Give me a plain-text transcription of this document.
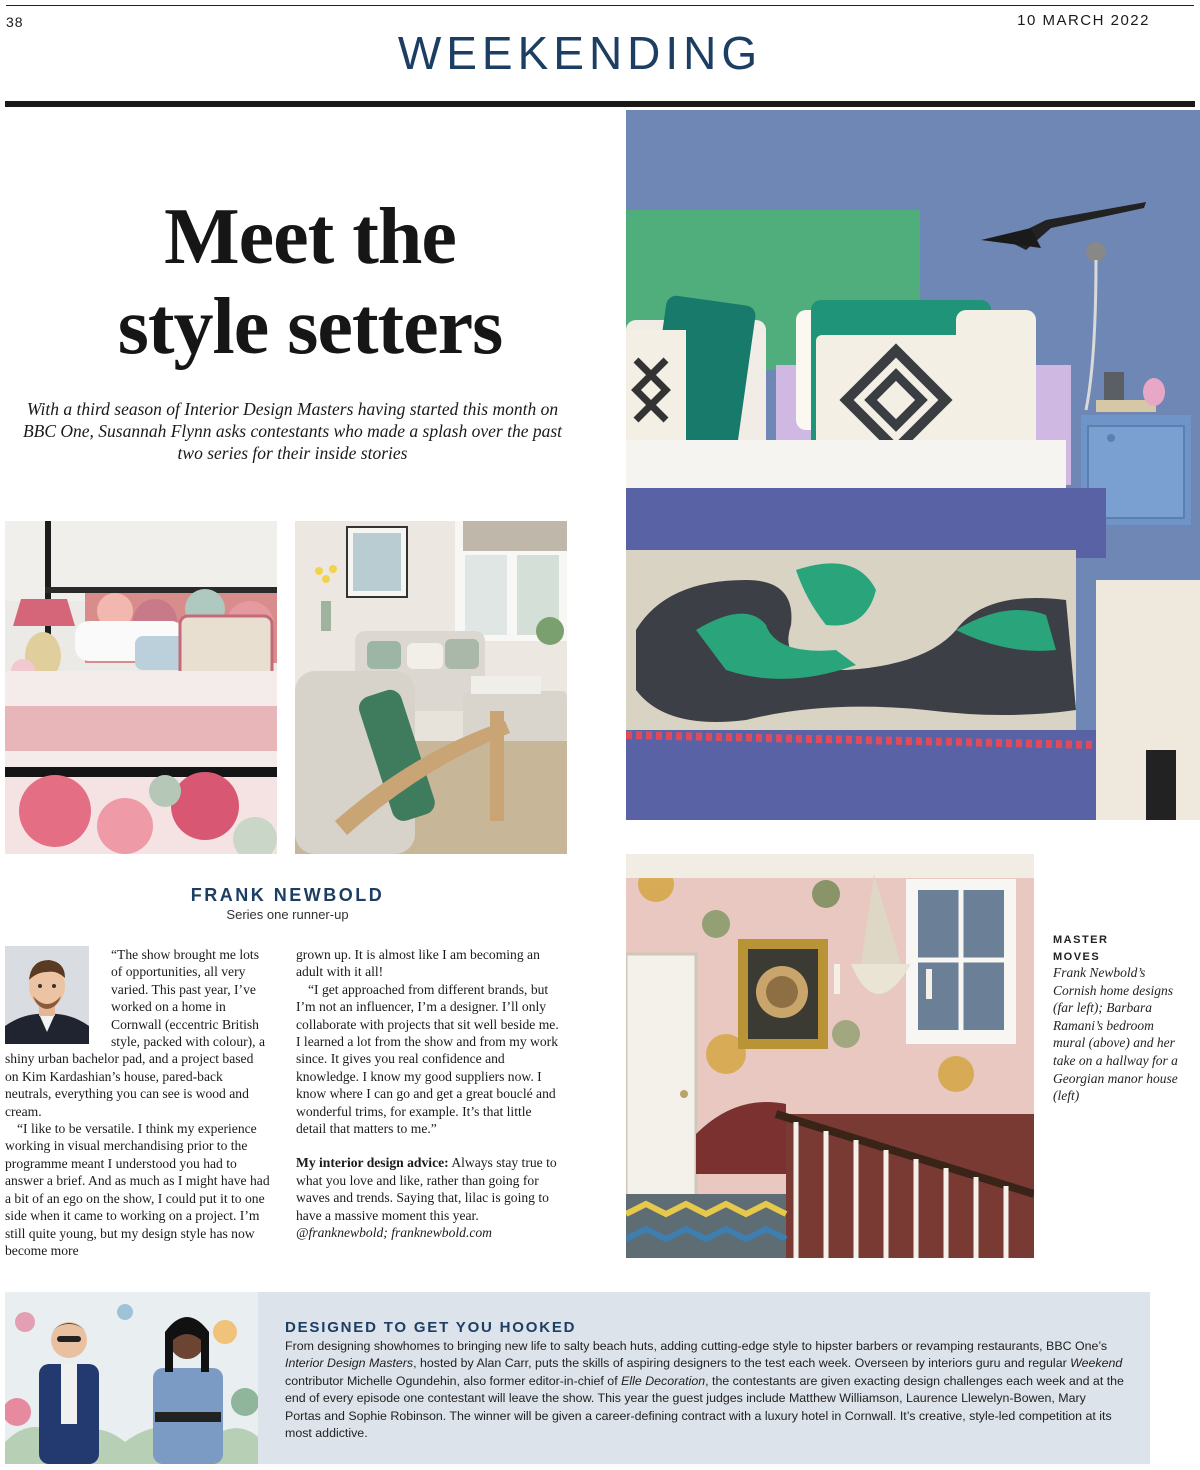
38	10 MARCH 2022
WEEKENDING
Meet the
style setters
With a third season of Interior Design Masters having started this month on BBC One, Susannah Flynn asks contestants who made a splash over the past two series for their inside stories
FRANK NEWBOLD
Series one runner-up

“The show brought me lots of opportunities, all very varied. This past year, I’ve worked on a home in Cornwall (eccentric British style, packed with colour), a shiny urban bachelor pad, and a project based on Kim Kardashian’s house, pared-back neutrals, everything you can see is wood and cream.

“I like to be versatile. I think my experience working in visual merchandising prior to the programme meant I understood you had to answer a brief. And as much as I might have had a bit of an ego on the show, I could put it to one side when it came to working on a project. I’m still quite young, but my design style has now become more

grown up. It is almost like I am becoming an adult with it all!

“I get approached from different brands, but I’m not an influencer, I’m a designer. I’ll only collaborate with projects that sit well beside me. I learned a lot from the show and from my work since. It gives you real confidence and knowledge. I know my good suppliers now. I know where I can go and get a great bouclé and wonderful trims, for example. It’s that little detail that matters to me.”

My interior design advice: Always stay true to what you love and like, rather than going for waves and trends. Saying that, lilac is going to have a massive moment this year.

@franknewbold; franknewbold.com

MASTER
MOVES
Frank Newbold’s Cornish home designs (far left); Barbara Ramani’s bedroom mural (above) and her take on a hallway for a Georgian manor house (left)
DESIGNED TO GET YOU HOOKED
From designing showhomes to bringing new life to salty beach huts, adding cutting-edge style to hipster barbers or revamping restaurants, BBC One’s Interior Design Masters, hosted by Alan Carr, puts the skills of aspiring designers to the test each week. Overseen by interiors guru and regular Weekend contributor Michelle Ogundehin, also former editor-in-chief of Elle Decoration, the contestants are given exacting design challenges each week and at the end of every episode one contestant will leave the show. This year the guest judges include Matthew Williamson, Laurence Llewelyn-Bowen, Mary Portas and Sophie Robinson. The winner will be given a career-defining contract with a luxury hotel in Cornwall. It’s creative, style-led competition at its most addictive.
